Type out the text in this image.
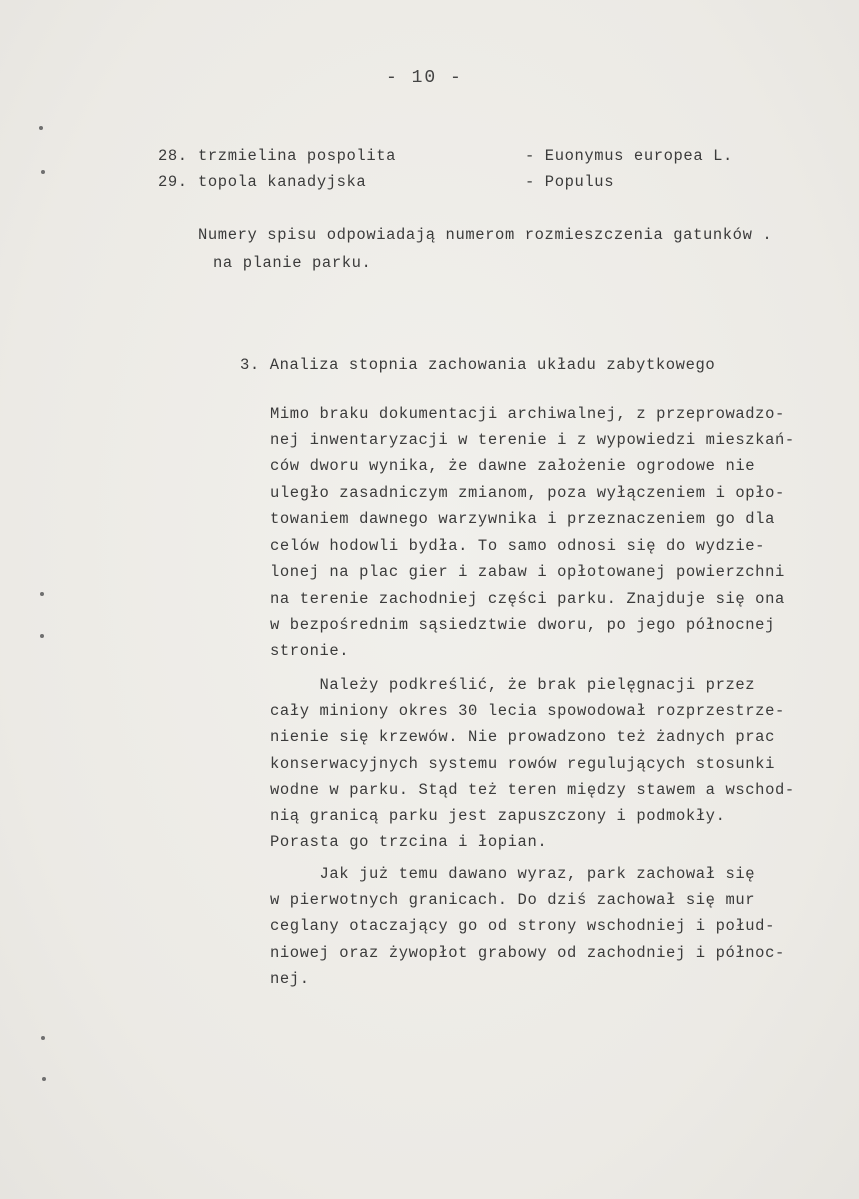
- 10 -
28. trzmielina pospolita	- Euonymus europea L.
29. topola kanadyjska	- Populus
Numery spisu odpowiadają numerom rozmieszczenia gatunków .
na planie parku.
3. Analiza stopnia zachowania układu zabytkowego
Mimo braku dokumentacji archiwalnej, z przeprowadzo-
nej inwentaryzacji w terenie i z wypowiedzi mieszkań-
ców dworu wynika, że dawne założenie ogrodowe nie
uległo zasadniczym zmianom, poza wyłączeniem i opło-
towaniem dawnego warzywnika i przeznaczeniem go dla
celów hodowli bydła. To samo odnosi się do wydzie-
lonej na plac gier i zabaw i opłotowanej powierzchni
na terenie zachodniej części parku. Znajduje się ona
w bezpośrednim sąsiedztwie dworu, po jego północnej
stronie.
Należy podkreślić, że brak pielęgnacji przez
cały miniony okres 30 lecia spowodował rozprzestrze-
nienie się krzewów. Nie prowadzono też żadnych prac
konserwacyjnych systemu rowów regulujących stosunki
wodne w parku. Stąd też teren między stawem a wschod-
nią granicą parku jest zapuszczony i podmokły.
Porasta go trzcina i łopian.
Jak już temu dawano wyraz, park zachował się
w pierwotnych granicach. Do dziś zachował się mur
ceglany otaczający go od strony wschodniej i połud-
niowej oraz żywopłot grabowy od zachodniej i północ-
nej.
